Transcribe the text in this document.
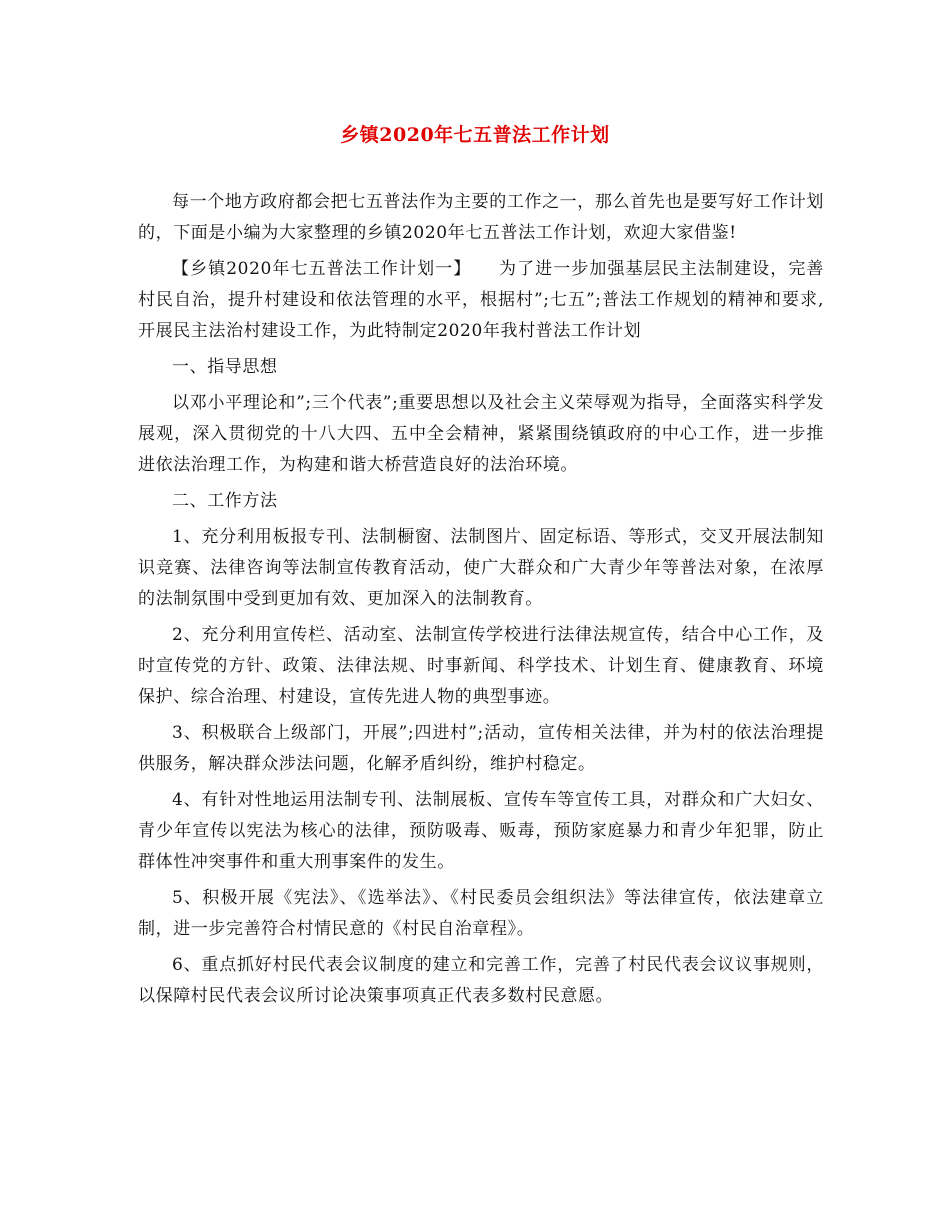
乡镇2020年七五普法工作计划

每一个地方政府都会把七五普法作为主要的工作之一，那么首先也是要写好工作计划的，下面是小编为大家整理的乡镇2020年七五普法工作计划，欢迎大家借鉴!

【乡镇2020年七五普法工作计划一】　　为了进一步加强基层民主法制建设，完善村民自治，提升村建设和依法管理的水平，根据村”;七五”;普法工作规划的精神和要求,开展民主法治村建设工作，为此特制定2020年我村普法工作计划

一、指导思想

以邓小平理论和”;三个代表”;重要思想以及社会主义荣辱观为指导，全面落实科学发展观，深入贯彻党的十八大四、五中全会精神，紧紧围绕镇政府的中心工作，进一步推进依法治理工作，为构建和谐大桥营造良好的法治环境。

二、工作方法

1、充分利用板报专刊、法制橱窗、法制图片、固定标语、等形式，交叉开展法制知识竞赛、法律咨询等法制宣传教育活动，使广大群众和广大青少年等普法对象，在浓厚的法制氛围中受到更加有效、更加深入的法制教育。

2、充分利用宣传栏、活动室、法制宣传学校进行法律法规宣传，结合中心工作，及时宣传党的方针、政策、法律法规、时事新闻、科学技术、计划生育、健康教育、环境保护、综合治理、村建设，宣传先进人物的典型事迹。

3、积极联合上级部门，开展”;四进村”;活动，宣传相关法律，并为村的依法治理提供服务，解决群众涉法问题，化解矛盾纠纷，维护村稳定。

4、有针对性地运用法制专刊、法制展板、宣传车等宣传工具，对群众和广大妇女、青少年宣传以宪法为核心的法律，预防吸毒、贩毒，预防家庭暴力和青少年犯罪，防止群体性冲突事件和重大刑事案件的发生。

5、积极开展《宪法》、《选举法》、《村民委员会组织法》等法律宣传，依法建章立制，进一步完善符合村情民意的《村民自治章程》。

6、重点抓好村民代表会议制度的建立和完善工作，完善了村民代表会议议事规则，以保障村民代表会议所讨论决策事项真正代表多数村民意愿。
